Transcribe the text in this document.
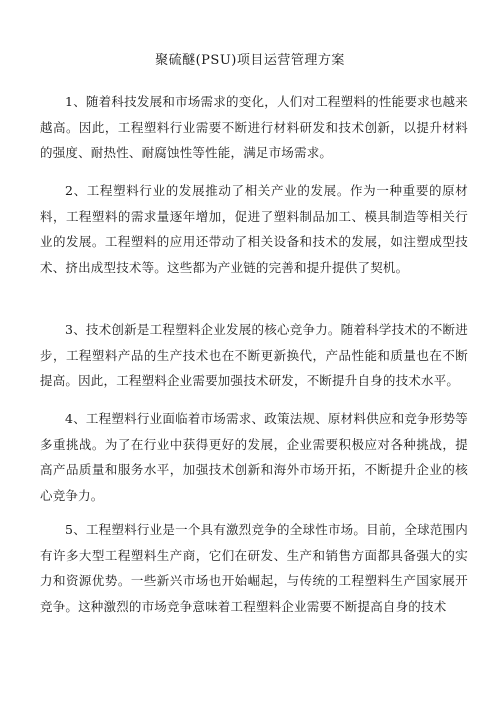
聚硫醚(PSU)项目运营管理方案

1、随着科技发展和市场需求的变化，人们对工程塑料的性能要求也越来越高。因此，工程塑料行业需要不断进行材料研发和技术创新，以提升材料的强度、耐热性、耐腐蚀性等性能，满足市场需求。

2、工程塑料行业的发展推动了相关产业的发展。作为一种重要的原材料，工程塑料的需求量逐年增加，促进了塑料制品加工、模具制造等相关行业的发展。工程塑料的应用还带动了相关设备和技术的发展，如注塑成型技术、挤出成型技术等。这些都为产业链的完善和提升提供了契机。

3、技术创新是工程塑料企业发展的核心竞争力。随着科学技术的不断进步，工程塑料产品的生产技术也在不断更新换代，产品性能和质量也在不断提高。因此，工程塑料企业需要加强技术研发，不断提升自身的技术水平。

4、工程塑料行业面临着市场需求、政策法规、原材料供应和竞争形势等多重挑战。为了在行业中获得更好的发展，企业需要积极应对各种挑战，提高产品质量和服务水平，加强技术创新和海外市场开拓，不断提升企业的核心竞争力。

5、工程塑料行业是一个具有激烈竞争的全球性市场。目前，全球范围内有许多大型工程塑料生产商，它们在研发、生产和销售方面都具备强大的实力和资源优势。一些新兴市场也开始崛起，与传统的工程塑料生产国家展开竞争。这种激烈的市场竞争意味着工程塑料企业需要不断提高自身的技术
